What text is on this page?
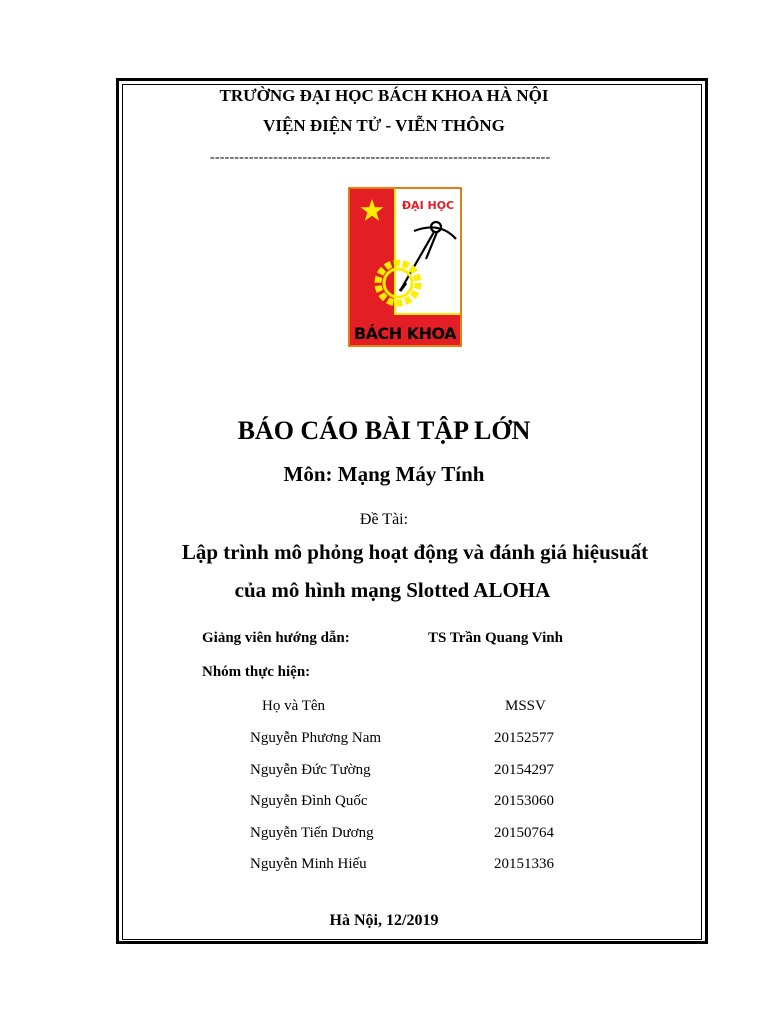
TRƯỜNG ĐẠI HỌC BÁCH KHOA HÀ NỘI
VIỆN ĐIỆN TỬ - VIỄN THÔNG
----------------------------------------------------------------------
ĐẠI HỌC
BÁCH KHOA
BÁO CÁO BÀI TẬP LỚN
Môn: Mạng Máy Tính
Đề Tài:
Lập trình mô phỏng hoạt động và đánh giá hiệusuất
của mô hình mạng Slotted ALOHA
Giảng viên hướng dẫn:	TS Trần Quang Vinh
Nhóm thực hiện:
Họ và Tên	MSSV
Nguyễn Phương Nam	20152577
Nguyễn Đức Tường	20154297
Nguyễn Đình Quốc	20153060
Nguyễn Tiến Dương	20150764
Nguyễn Minh Hiếu	20151336
Hà Nội, 12/2019
